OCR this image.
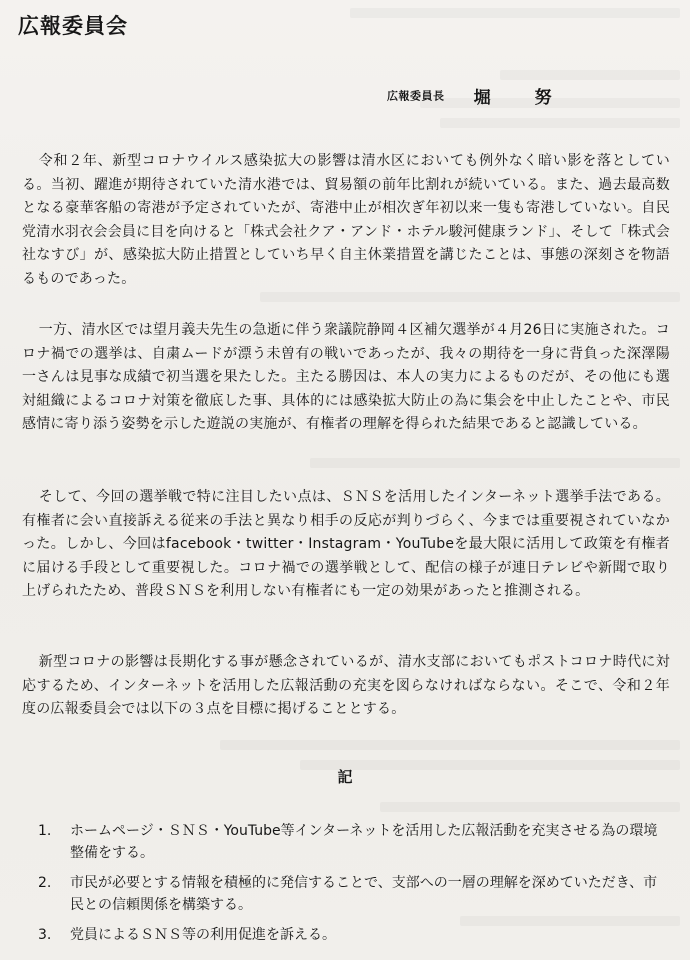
広報委員会
広報委員長 堀努

令和２年、新型コロナウイルス感染拡大の影響は清水区においても例外なく暗い影を落としている。当初、躍進が期待されていた清水港では、貿易額の前年比割れが続いている。また、過去最高数となる豪華客船の寄港が予定されていたが、寄港中止が相次ぎ年初以来一隻も寄港していない。自民党清水羽衣会会員に目を向けると「株式会社クア・アンド・ホテル駿河健康ランド」、そして「株式会社なすび」が、感染拡大防止措置としていち早く自主休業措置を講じたことは、事態の深刻さを物語るものであった。

一方、清水区では望月義夫先生の急逝に伴う衆議院静岡４区補欠選挙が４月26日に実施された。コロナ禍での選挙は、自粛ムードが漂う未曽有の戦いであったが、我々の期待を一身に背負った深澤陽一さんは見事な成績で初当選を果たした。主たる勝因は、本人の実力によるものだが、その他にも選対組織によるコロナ対策を徹底した事、具体的には感染拡大防止の為に集会を中止したことや、市民感情に寄り添う姿勢を示した遊説の実施が、有権者の理解を得られた結果であると認識している。

そして、今回の選挙戦で特に注目したい点は、ＳＮＳを活用したインターネット選挙手法である。有権者に会い直接訴える従来の手法と異なり相手の反応が判りづらく、今までは重要視されていなかった。しかし、今回はfacebook・twitter・Instagram・YouTubeを最大限に活用して政策を有権者に届ける手段として重要視した。コロナ禍での選挙戦として、配信の様子が連日テレビや新聞で取り上げられたため、普段ＳＮＳを利用しない有権者にも一定の効果があったと推測される。

新型コロナの影響は長期化する事が懸念されているが、清水支部においてもポストコロナ時代に対応するため、インターネットを活用した広報活動の充実を図らなければならない。そこで、令和２年度の広報委員会では以下の３点を目標に掲げることとする。

記
1.	ホームページ・ＳＮＳ・YouTube等インターネットを活用した広報活動を充実させる為の環境整備をする。
2.	市民が必要とする情報を積極的に発信することで、支部への一層の理解を深めていただき、市民との信頼関係を構築する。
3.	党員によるＳＮＳ等の利用促進を訴える。
